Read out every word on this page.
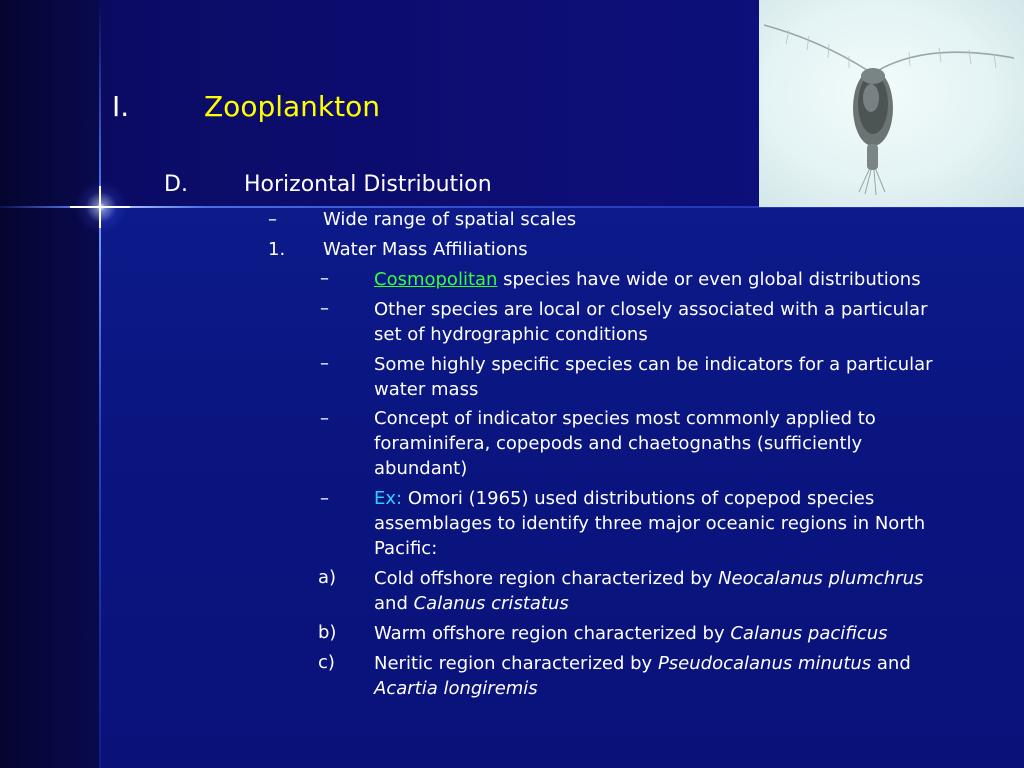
I.	Zooplankton
D.	Horizontal Distribution
–	Wide range of spatial scales
1. Water Mass Affiliations
–	Cosmopolitan species have wide or even global distributions
–	Other species are local or closely associated with a particular
set of hydrographic conditions
–	Some highly specific species can be indicators for a particular
water mass
–	Concept of indicator species most commonly applied to
foraminifera, copepods and chaetognaths (sufficiently
abundant)
–	Ex: Omori (1965) used distributions of copepod species
assemblages to identify three major oceanic regions in North
Pacific:
a) Cold offshore region characterized by Neocalanus plumchrus
and Calanus cristatus
b) Warm offshore region characterized by Calanus pacificus
c) Neritic region characterized by Pseudocalanus minutus and
Acartia longiremis
